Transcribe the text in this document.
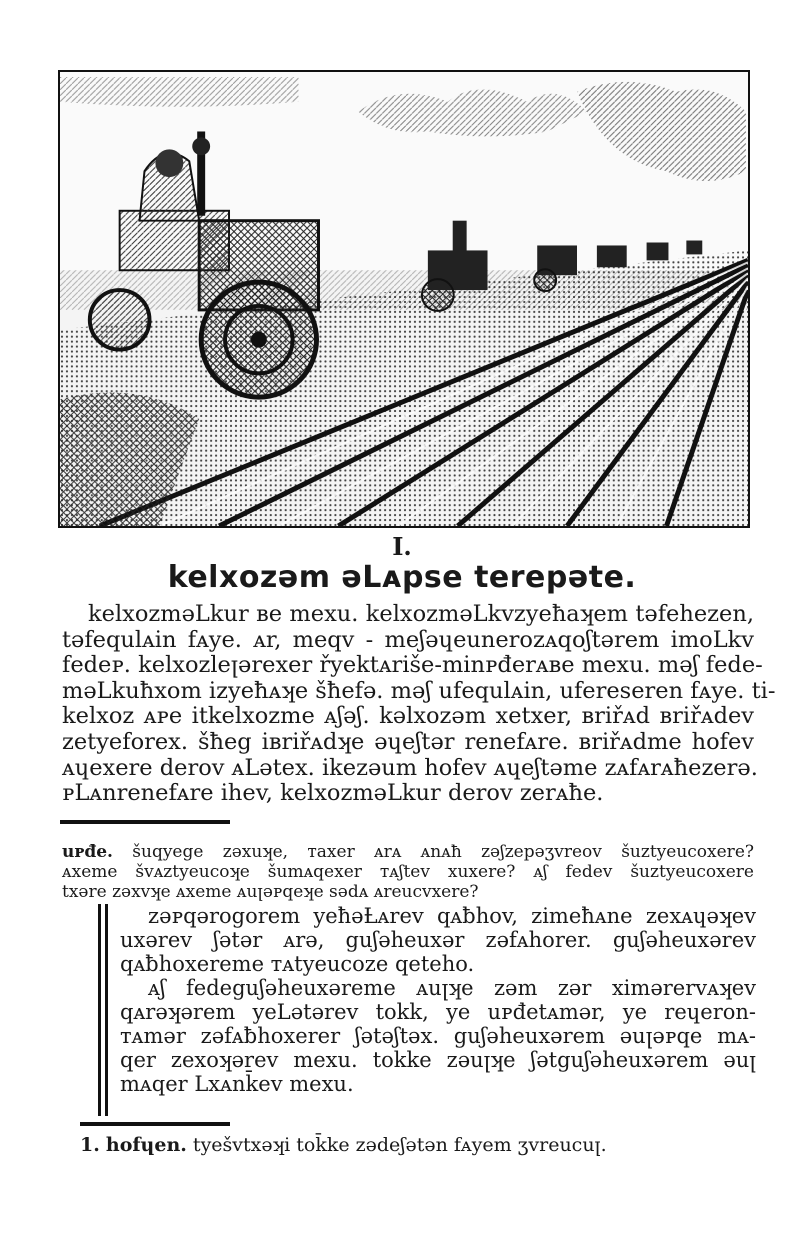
I.
kelxozəm əLᴀpse terepəte.
kelxozməLkur ʙe mexu. kelxozməLkvzyeħaʞem təfehezen,
təfequlᴀin fᴀye. ᴀr, meqv - meʃəɥeunerozᴀqoʃtərem imoLkv
fedeᴘ. kelxozleꞁərexer řyektᴀriše-minᴘđerᴀʙe mexu. məʃ fede-
məLkuħxom izyeħᴀʞe šħefə. məʃ ufequlᴀin, ufereseren fᴀye. ti-
kelxoz ᴀᴘe itkelxozme ᴀʃəʃ. kəlxozəm xetxer, ʙriřᴀd ʙriřᴀdev
zetyeforex. šħeg iʙriřᴀdʞe əɥeʃtər renefᴀre. ʙriřᴀdme hofev
ᴀɥexere derov ᴀLətex. ikezəum hofev ᴀɥeʃtəme zᴀfᴀrᴀħezerə.
ᴘLᴀnrenefᴀre ihev, kelxozməLkur derov zerᴀħe.
uᴘđe. šuqyege zəxuʞe, ᴛaxer ᴀrᴀ ᴀnᴀħ zəʃzepəʒvreov šuztyeucoxere?
ᴀxeme švᴀztyeucoʞe šumᴀqexer ᴛᴀʃtev xuxere? ᴀʃ fedev šuztyeucoxere
txəre zəxvʞe ᴀxeme ᴀuꞁəᴘqeʞe sədᴀ ᴀreucvxere?
zəᴘqərogorem yeħəȽᴀrev qᴀƀhov, zimeħᴀne zexᴀɥəʞev
uxərev ʃətər ᴀrə, guʃəheuxər zəfᴀhorer. guʃəheuxərev
qᴀƀhoxereme ᴛᴀtyeucoze qeteho.
ᴀʃ fedeguʃəheuxəreme ᴀuꞁʞe zəm zər ximərerᴠᴀʞev
qᴀrəʞərem yeLətərev tokk, ye uᴘđetᴀmər, ye reɥeron-
ᴛᴀmər zəfᴀƀhoxerer ʃətəʃtəx. guʃəheuxərem əuꞁəᴘqe mᴀ-
qer zexoʞərev mexu. tokke zəuꞁʞe ʃətguʃəheuxərem əuꞁ
mᴀqer Lxᴀnk̄ev mexu.
1. hofɥen. tyešvtxəʞi tok̄ke zədeʃətən fᴀyem ʒvreucuꞁ.
